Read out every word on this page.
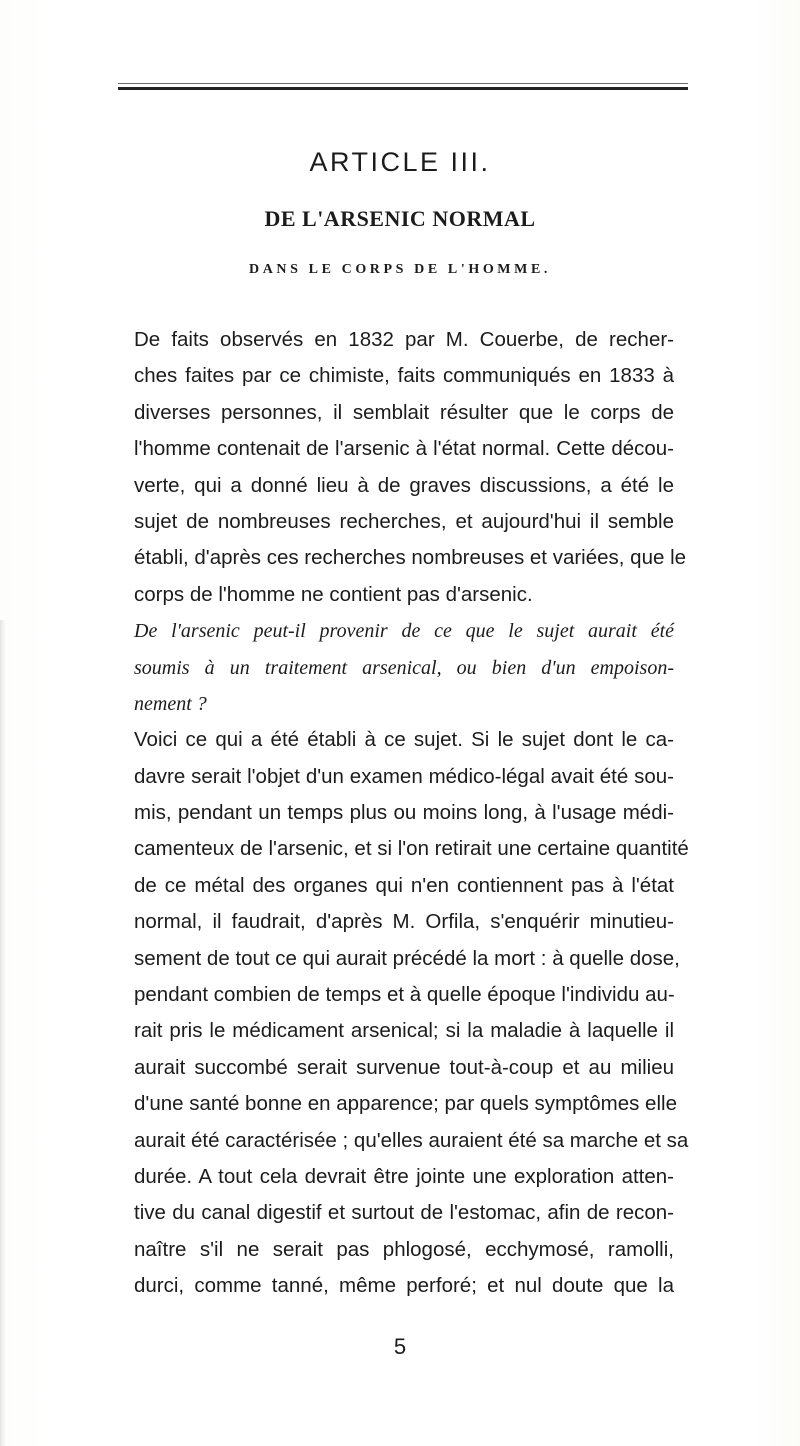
ARTICLE III.
DE L'ARSENIC NORMAL
DANS LE CORPS DE L'HOMME.
De faits observés en 1832 par M. Couerbe, de recher-
ches faites par ce chimiste, faits communiqués en 1833 à
diverses personnes, il semblait résulter que le corps de
l'homme contenait de l'arsenic à l'état normal. Cette décou-
verte, qui a donné lieu à de graves discussions, a été le
sujet de nombreuses recherches, et aujourd'hui il semble
établi, d'après ces recherches nombreuses et variées, que le
corps de l'homme ne contient pas d'arsenic.
De l'arsenic peut-il provenir de ce que le sujet aurait été
soumis à un traitement arsenical, ou bien d'un empoison-
nement ?
Voici ce qui a été établi à ce sujet. Si le sujet dont le ca-
davre serait l'objet d'un examen médico-légal avait été sou-
mis, pendant un temps plus ou moins long, à l'usage médi-
camenteux de l'arsenic, et si l'on retirait une certaine quantité
de ce métal des organes qui n'en contiennent pas à l'état
normal, il faudrait, d'après M. Orfila, s'enquérir minutieu-
sement de tout ce qui aurait précédé la mort : à quelle dose,
pendant combien de temps et à quelle époque l'individu au-
rait pris le médicament arsenical; si la maladie à laquelle il
aurait succombé serait survenue tout-à-coup et au milieu
d'une santé bonne en apparence; par quels symptômes elle
aurait été caractérisée ; qu'elles auraient été sa marche et sa
durée. A tout cela devrait être jointe une exploration atten-
tive du canal digestif et surtout de l'estomac, afin de recon-
naître s'il ne serait pas phlogosé, ecchymosé, ramolli,
durci, comme tanné, même perforé; et nul doute que la
5
